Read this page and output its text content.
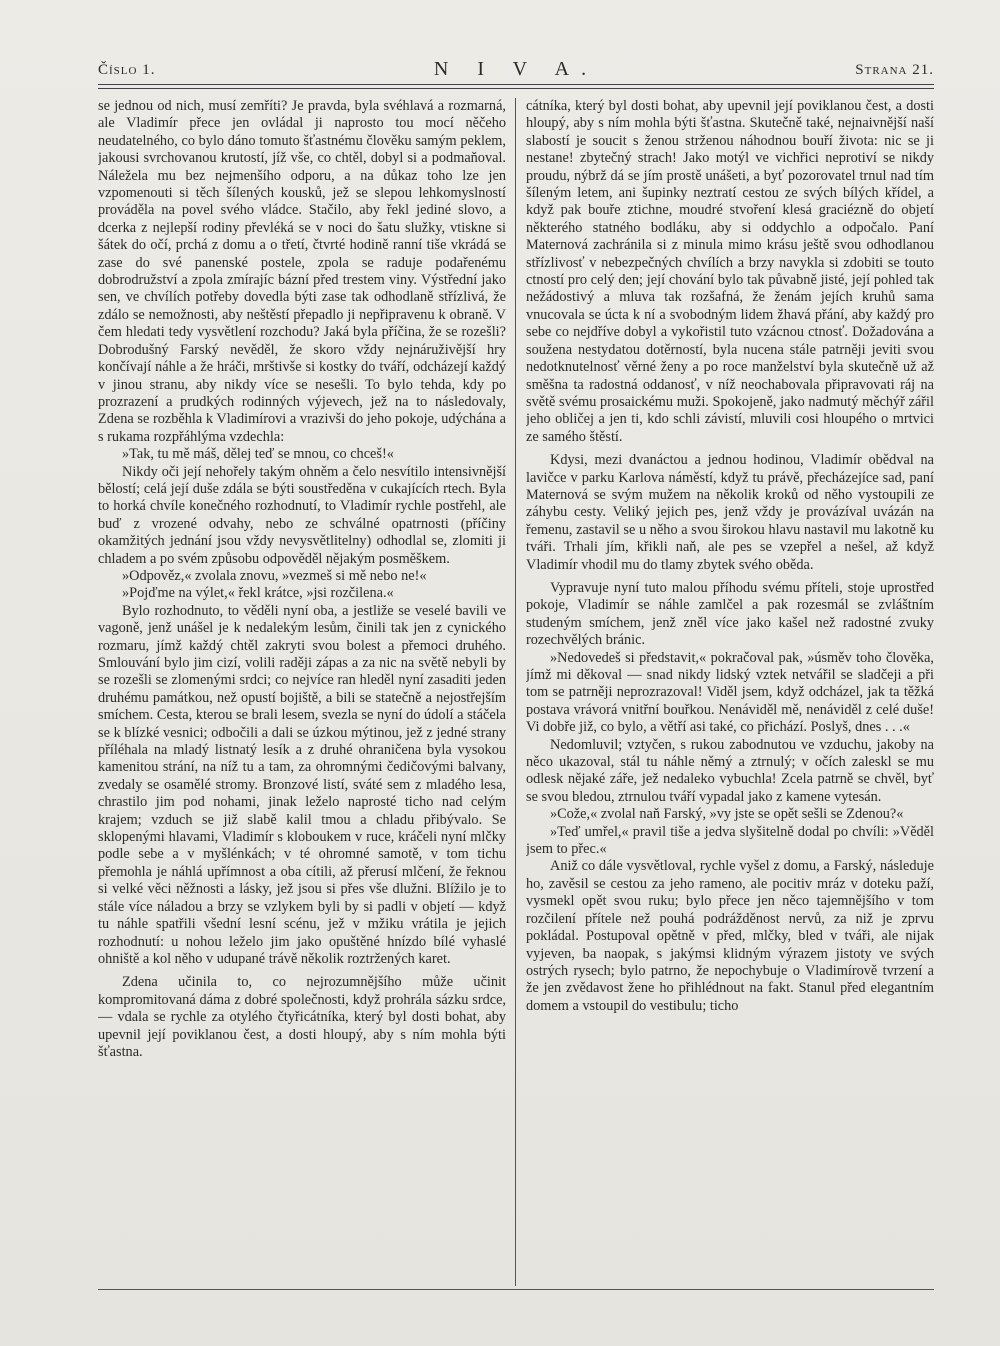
Číslo 1.	N I V A.	Strana 21.

se jednou od nich, musí zemříti? Je pravda, byla svéhlavá a rozmarná, ale Vladimír přece jen ovládal ji naprosto tou mocí něčeho neudatelného, co bylo dáno tomuto šťastnému člověku samým peklem, jakousi svrchovanou krutostí, jíž vše, co chtěl, dobyl si a podmaňoval. Náležela mu bez nejmenšího odporu, a na důkaz toho lze jen vzpomenouti si těch šílených kousků, jež se slepou lehkomyslností prováděla na povel svého vládce. Stačilo, aby řekl jediné slovo, a dcerka z nejlepší rodiny převléká se v noci do šatu služky, vtiskne si šátek do očí, prchá z domu a o třetí, čtvrté hodině ranní tiše vkrádá se zase do své panenské postele, zpola se raduje podařenému dobrodružství a zpola zmírajíc bázní před trestem viny. Výstřední jako sen, ve chvílích potřeby dovedla býti zase tak odhodlaně střízlivá, že zdálo se nemožnosti, aby neštěstí přepadlo ji nepřipravenu k obraně. V čem hledati tedy vysvětlení rozchodu? Jaká byla příčina, že se rozešli? Dobrodušný Farský nevěděl, že skoro vždy nejnáruživější hry končívají náhle a že hráči, mrštivše si kostky do tváří, odcházejí každý v jinou stranu, aby nikdy více se nesešli. To bylo tehda, kdy po prozrazení a prudkých rodinných výjevech, jež na to následovaly, Zdena se rozběhla k Vladimírovi a vrazivši do jeho pokoje, udýchána a s rukama rozpřáhlýma vzdechla:

»Tak, tu mě máš, dělej teď se mnou, co chceš!«

Nikdy oči její nehořely takým ohněm a čelo nesvítilo intensivnější bělostí; celá její duše zdála se býti soustředěna v cukajících rtech. Byla to horká chvíle konečného rozhodnutí, to Vladimír rychle postřehl, ale buď z vrozené odvahy, nebo ze schválné opatrnosti (příčiny okamžitých jednání jsou vždy nevysvětlitelny) odhodlal se, zlomiti ji chladem a po svém způsobu odpověděl nějakým posměškem.

»Odpověz,« zvolala znovu, »vezmeš si mě nebo ne!«

»Pojďme na výlet,« řekl krátce, »jsi rozčilena.«

Bylo rozhodnuto, to věděli nyní oba, a jestliže se veselé bavili ve vagoně, jenž unášel je k nedalekým lesům, činili tak jen z cynického rozmaru, jímž každý chtěl zakryti svou bolest a přemoci druhého. Smlouvání bylo jim cizí, volili raději zápas a za nic na světě nebyli by se rozešli se zlomenými srdci; co nejvíce ran hleděl nyní zasaditi jeden druhému památkou, než opustí bojiště, a bili se statečně a nejostřejším smíchem. Cesta, kterou se brali lesem, svezla se nyní do údolí a stáčela se k blízké vesnici; odbočili a dali se úzkou mýtinou, jež z jedné strany příléhala na mladý listnatý lesík a z druhé ohraničena byla vysokou kamenitou strání, na níž tu a tam, za ohromnými čedičovými balvany, zvedaly se osamělé stromy. Bronzové listí, sváté sem z mladého lesa, chrastilo jim pod nohami, jinak leželo naprosté ticho nad celým krajem; vzduch se již slabě kalil tmou a chladu přibývalo. Se sklopenými hlavami, Vladimír s kloboukem v ruce, kráčeli nyní mlčky podle sebe a v myšlénkách; v té ohromné samotě, v tom tichu přemohla je náhlá upřímnost a oba cítili, až přerusí mlčení, že řeknou si velké věci něžnosti a lásky, jež jsou si přes vše dlužni. Blížilo je to stále více náladou a brzy se vzlykem byli by si padli v objetí — když tu náhle spatřili všední lesní scénu, jež v mžiku vrátila je jejich rozhodnutí: u nohou leželo jim jako opuštěné hnízdo bílé vyhaslé ohniště a kol něho v udupané trávě několik roztržených karet.

Zdena učinila to, co nejrozumnějšího může učinit kompromitovaná dáma z dobré společnosti, když prohrála sázku srdce, — vdala se rychle za otylého čtyřicátníka, který byl dosti bohat, aby upevnil její poviklanou čest, a dosti hloupý, aby s ním mohla býti šťastna.

cátníka, který byl dosti bohat, aby upevnil její poviklanou čest, a dosti hloupý, aby s ním mohla býti šťastna. Skutečně také, nejnaivnější naší slabostí je soucit s ženou strženou náhodnou bouří života: nic se ji nestane! zbytečný strach! Jako motýl ve vichřici neprotiví se nikdy proudu, nýbrž dá se jím prostě unášeti, a byť pozorovatel trnul nad tím šíleným letem, ani šupinky neztratí cestou ze svých bílých křídel, a když pak bouře ztichne, moudré stvoření klesá graciézně do objetí některého statného bodláku, aby si oddychlo a odpočalo. Paní Maternová zachránila si z minula mimo krásu ještě svou odhodlanou střízlivosť v nebezpečných chvílích a brzy navykla si zdobiti se touto ctností pro celý den; její chování bylo tak půvabně jisté, její pohled tak nežádostivý a mluva tak rozšafná, že ženám jejích kruhů sama vnucovala se úcta k ní a svobodným lidem žhavá přání, aby každý pro sebe co nejdříve dobyl a vykořistil tuto vzácnou ctnosť. Dožadována a soužena nestydatou dotěrností, byla nucena stále patrněji jeviti svou nedotknutelnosť věrné ženy a po roce manželství byla skutečně už až směšna ta radostná oddanosť, v níž neochabovala připravovati ráj na světě svému prosaickému muži. Spokojeně, jako nadmutý měchýř zářil jeho obličej a jen ti, kdo schli závistí, mluvili cosi hloupého o mrtvici ze samého štěstí.

Kdysi, mezi dvanáctou a jednou hodinou, Vladimír obědval na lavičce v parku Karlova náměstí, když tu právě, přecházejíce sad, paní Maternová se svým mužem na několik kroků od něho vystoupili ze záhybu cesty. Veliký jejich pes, jenž vždy je provázíval uvázán na řemenu, zastavil se u něho a svou širokou hlavu nastavil mu lakotně ku tváři. Trhali jím, křikli naň, ale pes se vzepřel a nešel, až když Vladimír vhodil mu do tlamy zbytek svého oběda.

Vypravuje nyní tuto malou příhodu svému příteli, stoje uprostřed pokoje, Vladimír se náhle zamlčel a pak rozesmál se zvláštním studeným smíchem, jenž zněl více jako kašel než radostné zvuky rozechvělých bránic.

»Nedovedeš si představit,« pokračoval pak, »úsměv toho člověka, jímž mi děkoval — snad nikdy lidský vztek netvářil se sladčeji a při tom se patrněji neprozrazoval! Viděl jsem, když odcházel, jak ta těžká postava vrávorá vnitřní bouřkou. Nenáviděl mě, nenáviděl z celé duše! Vi dobře již, co bylo, a větří asi také, co přichází. Poslyš, dnes . . .«

Nedomluvil; vztyčen, s rukou zabodnutou ve vzduchu, jakoby na něco ukazoval, stál tu náhle němý a ztrnulý; v očích zaleskl se mu odlesk nějaké záře, jež nedaleko vybuchla! Zcela patrně se chvěl, byť se svou bledou, ztrnulou tváří vypadal jako z kamene vytesán.

»Cože,« zvolal naň Farský, »vy jste se opět sešli se Zdenou?«

»Teď umřel,« pravil tiše a jedva slyšitelně dodal po chvíli: »Věděl jsem to přec.«

Aniž co dále vysvětloval, rychle vyšel z domu, a Farský, následuje ho, zavěsil se cestou za jeho rameno, ale pocitiv mráz v doteku paží, vysmekl opět svou ruku; bylo přece jen něco tajemnějšího v tom rozčilení přítele než pouhá podrážděnost nervů, za niž je zprvu pokládal. Postupoval opětně v před, mlčky, bled v tváři, ale nijak vyjeven, ba naopak, s jakýmsi klidným výrazem jistoty ve svých ostrých rysech; bylo patrno, že nepochybuje o Vladimírově tvrzení a že jen zvědavost žene ho přihlédnout na fakt. Stanul před elegantním domem a vstoupil do vestibulu; ticho
